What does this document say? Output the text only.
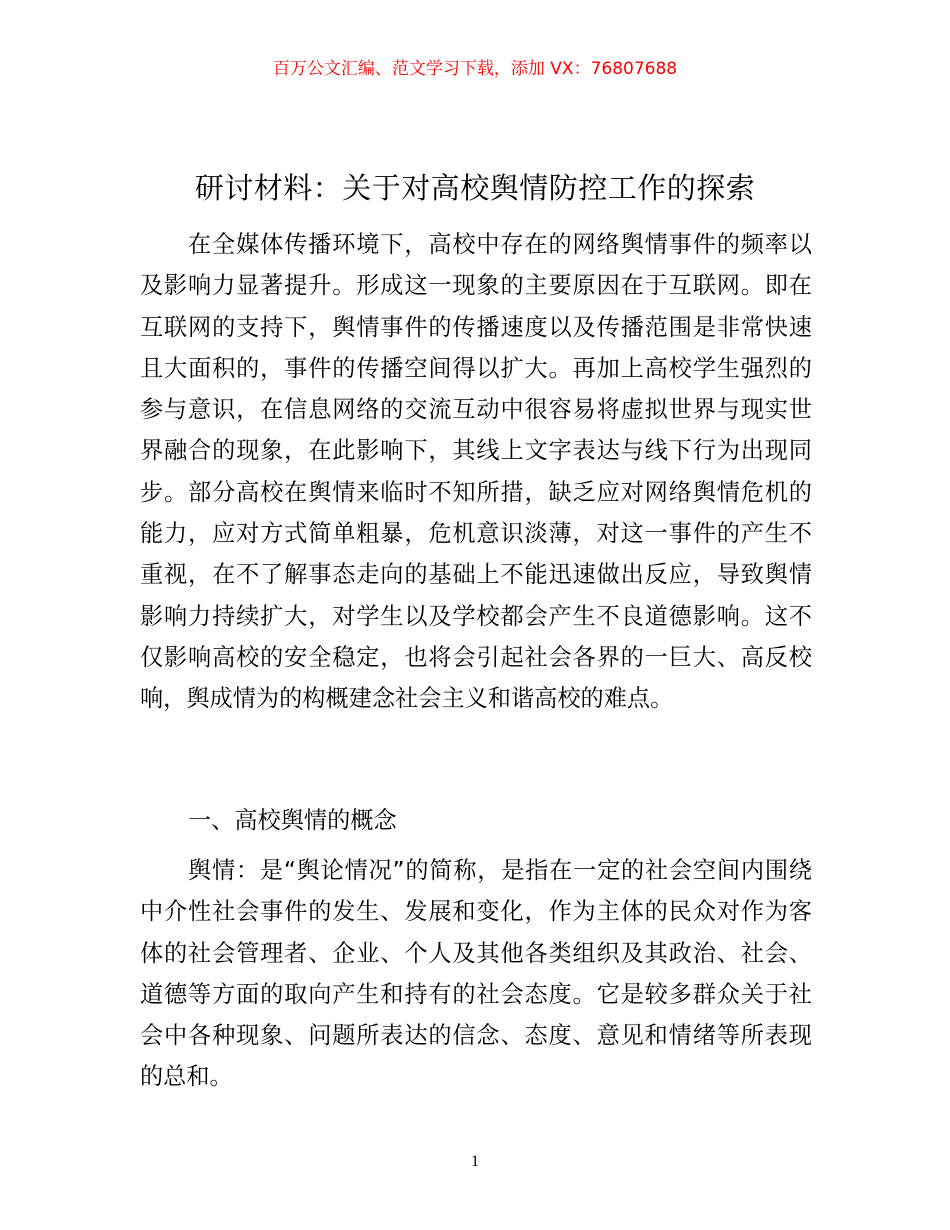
百万公文汇编、范文学习下载，添加 VX：76807688
研讨材料：关于对高校舆情防控工作的探索

在全媒体传播环境下，高校中存在的网络舆情事件的频率以及影响力显著提升。形成这一现象的主要原因在于互联网。即在互联网的支持下，舆情事件的传播速度以及传播范围是非常快速且大面积的，事件的传播空间得以扩大。再加上高校学生强烈的参与意识，在信息网络的交流互动中很容易将虚拟世界与现实世界融合的现象，在此影响下，其线上文字表达与线下行为出现同步。部分高校在舆情来临时不知所措，缺乏应对网络舆情危机的能力，应对方式简单粗暴，危机意识淡薄，对这一事件的产生不重视，在不了解事态走向的基础上不能迅速做出反应，导致舆情影响力持续扩大，对学生以及学校都会产生不良道德影响。这不仅影响高校的安全稳定，也将会引起社会各界的一巨大、高反校响，舆成情为的构概建念社会主义和谐高校的难点。

一、高校舆情的概念

舆情：是“舆论情况”的简称，是指在一定的社会空间内围绕中介性社会事件的发生、发展和变化，作为主体的民众对作为客体的社会管理者、企业、个人及其他各类组织及其政治、社会、道德等方面的取向产生和持有的社会态度。它是较多群众关于社会中各种现象、问题所表达的信念、态度、意见和情绪等所表现的总和。

1
